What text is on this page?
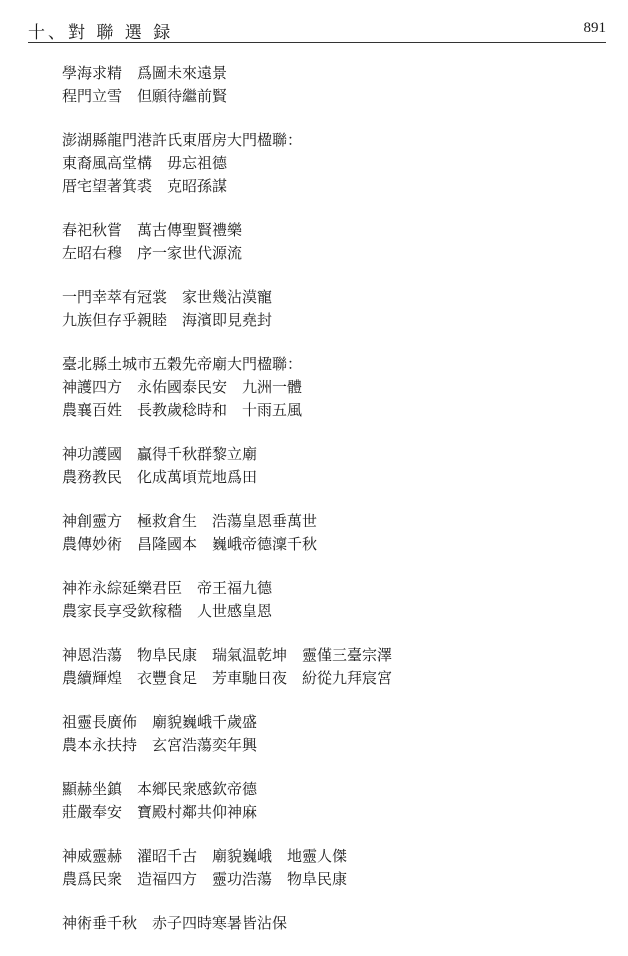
十、對 聯 選 録	891
學海求精　爲圖未來遠景
程門立雪　但願待繼前賢
澎湖縣龍門港許氏東厝房大門楹聯：
東裔風高堂構　毋忘祖德
厝宅望著箕裘　克昭孫謀
春祀秋嘗　萬古傳聖賢禮樂
左昭右穆　序一家世代源流
一門幸萃有冠裳　家世幾沾漠寵
九族但存乎親睦　海濱即見堯封
臺北縣土城市五穀先帝廟大門楹聯：
神護四方　永佑國泰民安　九洲一體
農襄百姓　長教歲稔時和　十雨五風
神功護國　贏得千秋群黎立廟
農務教民　化成萬頃荒地爲田
神創靈方　極救倉生　浩蕩皇恩垂萬世
農傳妙術　昌隆國本　巍峨帝德澟千秋
神祚永綜延樂君臣　帝王福九德
農家長享受欽稼穡　人世感皇恩
神恩浩蕩　物阜民康　瑞氣温乾坤　靈僅三臺宗澤
農續輝煌　衣豐食足　芳車馳日夜　紛從九拜宸宮
祖靈長廣佈　廟貌巍峨千歲盛
農本永扶持　玄宮浩蕩奕年興
顯赫坐鎮　本鄉民衆感欽帝德
莊嚴奉安　寶殿村鄰共仰神麻
神威靈赫　濯昭千古　廟貌巍峨　地靈人傑
農爲民衆　造福四方　靈功浩蕩　物阜民康
神術垂千秋　赤子四時寒暑皆沾保
